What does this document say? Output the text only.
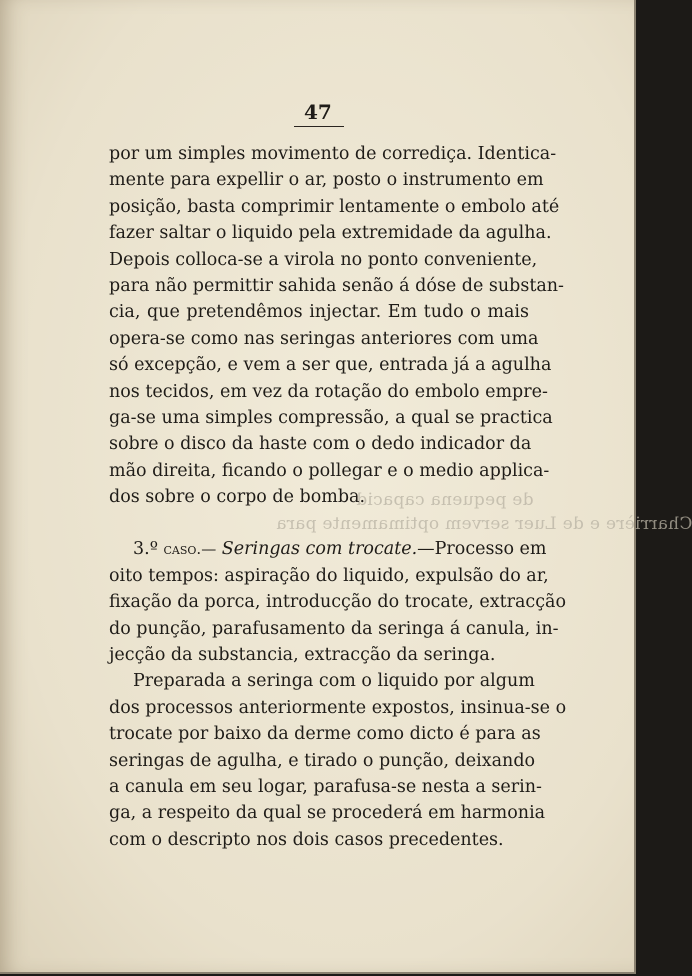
de pequena capacid
Charrière e de Luer servem optimamente para

47

por um simples movimento de corrediça. Identica-
mente para expellir o ar, posto o instrumento em
posição, basta comprimir lentamente o embolo até
fazer saltar o liquido pela extremidade da agulha.
Depois colloca-se a virola no ponto conveniente,
para não permittir sahida senão á dóse de substan-
cia, que pretendêmos injectar. Em tudo o mais
opera-se como nas seringas anteriores com uma
só excepção, e vem a ser que, entrada já a agulha
nos tecidos, em vez da rotação do embolo empre-
ga-se uma simples compressão, a qual se practica
sobre o disco da haste com o dedo indicador da
mão direita, ficando o pollegar e o medio applica-
dos sobre o corpo de bomba.
3.º caso.— Seringas com trocate.—Processo em
oito tempos: aspiração do liquido, expulsão do ar,
fixação da porca, introducção do trocate, extracção
do punção, parafusamento da seringa á canula, in-
jecção da substancia, extracção da seringa.
Preparada a seringa com o liquido por algum
dos processos anteriormente expostos, insinua-se o
trocate por baixo da derme como dicto é para as
seringas de agulha, e tirado o punção, deixando
a canula em seu logar, parafusa-se nesta a serin-
ga, a respeito da qual se procederá em harmonia
com o descripto nos dois casos precedentes.
